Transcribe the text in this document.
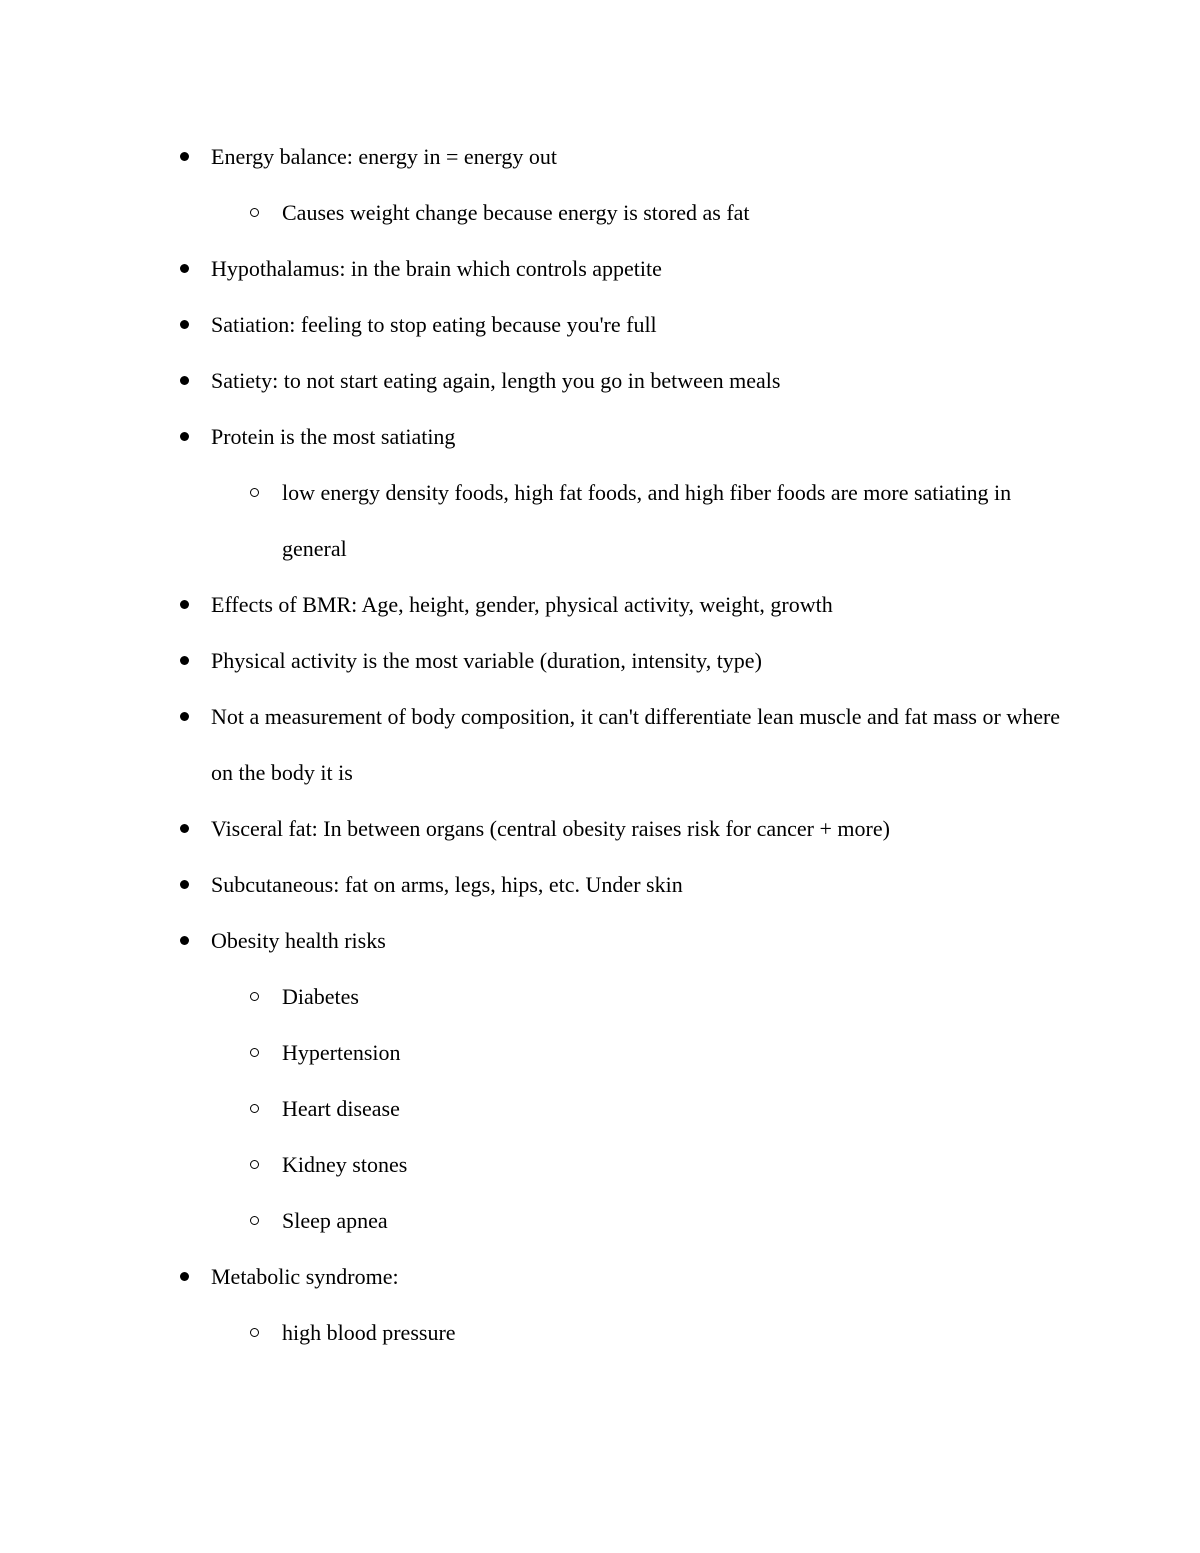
Energy balance: energy in = energy out
Causes weight change because energy is stored as fat
Hypothalamus: in the brain which controls appetite
Satiation: feeling to stop eating because you're full
Satiety: to not start eating again, length you go in between meals
Protein is the most satiating
low energy density foods, high fat foods, and high fiber foods are more satiating in general
Effects of BMR: Age, height, gender, physical activity, weight, growth
Physical activity is the most variable (duration, intensity, type)
Not a measurement of body composition, it can't differentiate lean muscle and fat mass or where on the body it is
Visceral fat: In between organs (central obesity raises risk for cancer + more)
Subcutaneous: fat on arms, legs, hips, etc. Under skin
Obesity health risks
Diabetes
Hypertension
Heart disease
Kidney stones
Sleep apnea
Metabolic syndrome:
high blood pressure
